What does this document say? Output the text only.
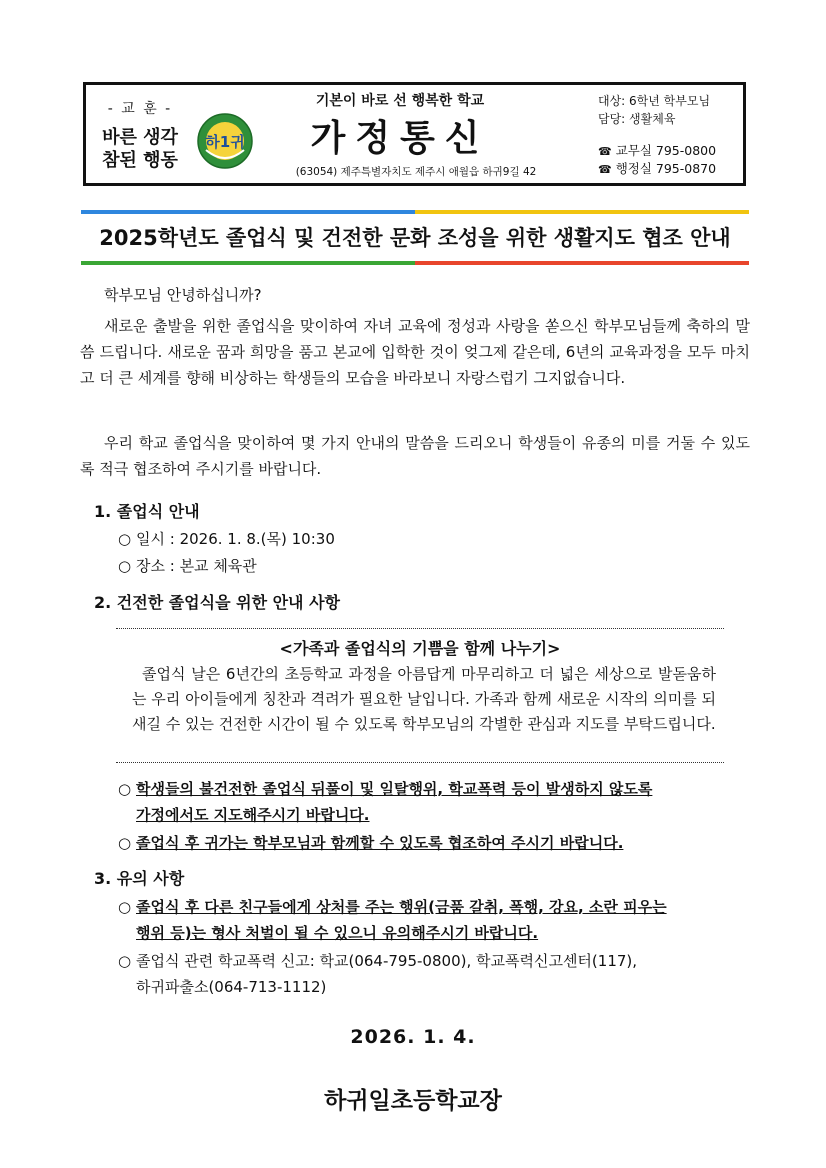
- 교 훈 -
바른 생각
참된 행동
하1귀
기본이 바로 선 행복한 학교
가정통신
(63054) 제주특별자치도 제주시 애월읍 하귀9길 42
대상: 6학년 학부모님
담당: 생활체육
☎ 교무실 795-0800
☎ 행정실 795-0870
2025학년도 졸업식 및 건전한 문화 조성을 위한 생활지도 협조 안내
학부모님 안녕하십니까?
새로운 출발을 위한 졸업식을 맞이하여 자녀 교육에 정성과 사랑을 쏟으신 학부모님들께 축하의 말씀 드립니다. 새로운 꿈과 희망을 품고 본교에 입학한 것이 엊그제 같은데, 6년의 교육과정을 모두 마치고 더 큰 세계를 향해 비상하는 학생들의 모습을 바라보니 자랑스럽기 그지없습니다.
우리 학교 졸업식을 맞이하여 몇 가지 안내의 말씀을 드리오니 학생들이 유종의 미를 거둘 수 있도록 적극 협조하여 주시기를 바랍니다.
1. 졸업식 안내
○ 일시 : 2026. 1. 8.(목) 10:30
○ 장소 : 본교 체육관
2. 건전한 졸업식을 위한 안내 사항
<가족과 졸업식의 기쁨을 함께 나누기>
졸업식 날은 6년간의 초등학교 과정을 아름답게 마무리하고 더 넓은 세상으로 발돋움하는 우리 아이들에게 칭찬과 격려가 필요한 날입니다. 가족과 함께 새로운 시작의 의미를 되새길 수 있는 건전한 시간이 될 수 있도록 학부모님의 각별한 관심과 지도를 부탁드립니다.
○ 학생들의 불건전한 졸업식 뒤풀이 및 일탈행위, 학교폭력 등이 발생하지 않도록
가정에서도 지도해주시기 바랍니다.
○ 졸업식 후 귀가는 학부모님과 함께할 수 있도록 협조하여 주시기 바랍니다.
3. 유의 사항
○ 졸업식 후 다른 친구들에게 상처를 주는 행위(금품 갈취, 폭행, 강요, 소란 피우는
행위 등)는 형사 처벌이 될 수 있으니 유의해주시기 바랍니다.
○ 졸업식 관련 학교폭력 신고: 학교(064-795-0800), 학교폭력신고센터(117),
하귀파출소(064-713-1112)
2026. 1. 4.
하귀일초등학교장
